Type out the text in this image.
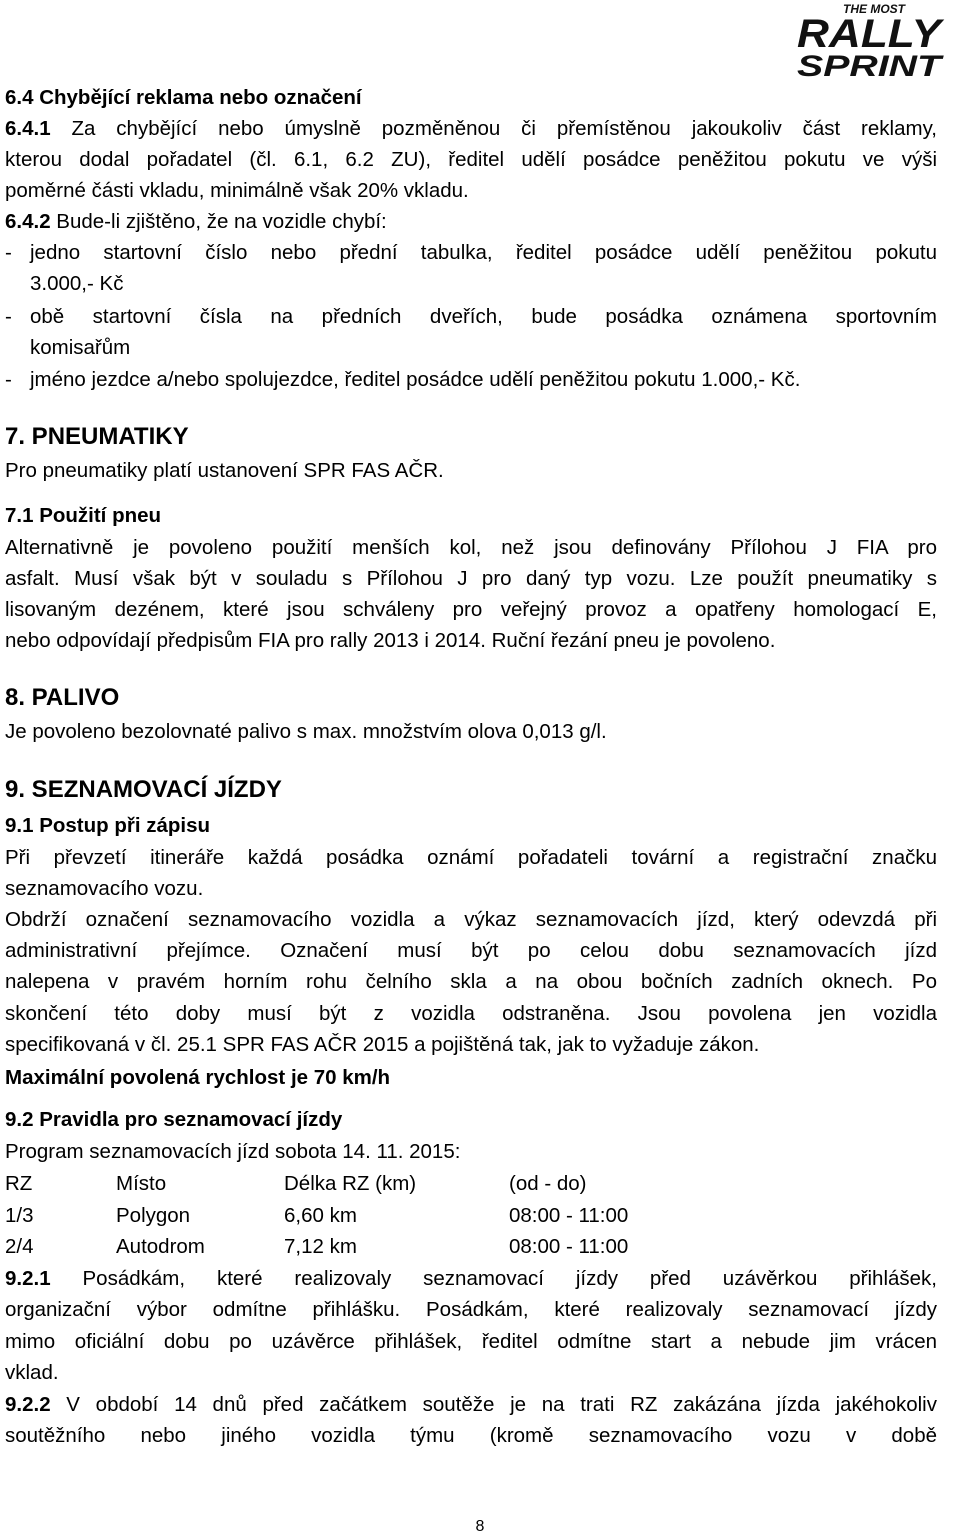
THE MOST
RALLY
SPRINT
6.4 Chybějící reklama nebo označení
6.4.1 Za chybějící nebo úmyslně pozměněnou či přemístěnou jakoukoliv část reklamy,
kterou dodal pořadatel (čl. 6.1, 6.2 ZU), ředitel udělí posádce peněžitou pokutu ve výši
poměrné části vkladu, minimálně však 20% vkladu.
6.4.2 Bude-li zjištěno, že na vozidle chybí:
- jedno startovní číslo nebo přední tabulka, ředitel posádce udělí peněžitou pokutu
3.000,- Kč
- obě startovní čísla na předních dveřích, bude posádka oznámena sportovním
komisařům
- jméno jezdce a/nebo spolujezdce, ředitel posádce udělí peněžitou pokutu 1.000,- Kč.
7. PNEUMATIKY
Pro pneumatiky platí ustanovení SPR FAS AČR.
7.1 Použití pneu
Alternativně je povoleno použití menších kol, než jsou definovány Přílohou J FIA pro
asfalt. Musí však být v souladu s Přílohou J pro daný typ vozu. Lze použít pneumatiky s
lisovaným dezénem, které jsou schváleny pro veřejný provoz a opatřeny homologací E,
nebo odpovídají předpisům FIA pro rally 2013 i 2014. Ruční řezání pneu je povoleno.
8. PALIVO
Je povoleno bezolovnaté palivo s max. množstvím olova 0,013 g/l.
9. SEZNAMOVACÍ JÍZDY
9.1 Postup při zápisu
Při převzetí itineráře každá posádka oznámí pořadateli tovární a registrační značku
seznamovacího vozu.
Obdrží označení seznamovacího vozidla a výkaz seznamovacích jízd, který odevzdá při
administrativní přejímce. Označení musí být po celou dobu seznamovacích jízd
nalepena v pravém horním rohu čelního skla a na obou bočních zadních oknech. Po
skončení této doby musí být z vozidla odstraněna. Jsou povolena jen vozidla
specifikovaná v čl. 25.1 SPR FAS AČR 2015 a pojištěná tak, jak to vyžaduje zákon.
Maximální povolená rychlost je 70 km/h
9.2 Pravidla pro seznamovací jízdy
Program seznamovacích jízd sobota 14. 11. 2015:
RZ	Místo	Délka RZ (km)	(od - do)
1/3	Polygon	6,60 km	08:00 - 11:00
2/4	Autodrom	7,12 km	08:00 - 11:00
9.2.1 Posádkám, které realizovaly seznamovací jízdy před uzávěrkou přihlášek,
organizační výbor odmítne přihlášku. Posádkám, které realizovaly seznamovací jízdy
mimo oficiální dobu po uzávěrce přihlášek, ředitel odmítne start a nebude jim vrácen
vklad.
9.2.2 V období 14 dnů před začátkem soutěže je na trati RZ zakázána jízda jakéhokoliv
soutěžního nebo jiného vozidla týmu (kromě seznamovacího vozu v době
8
